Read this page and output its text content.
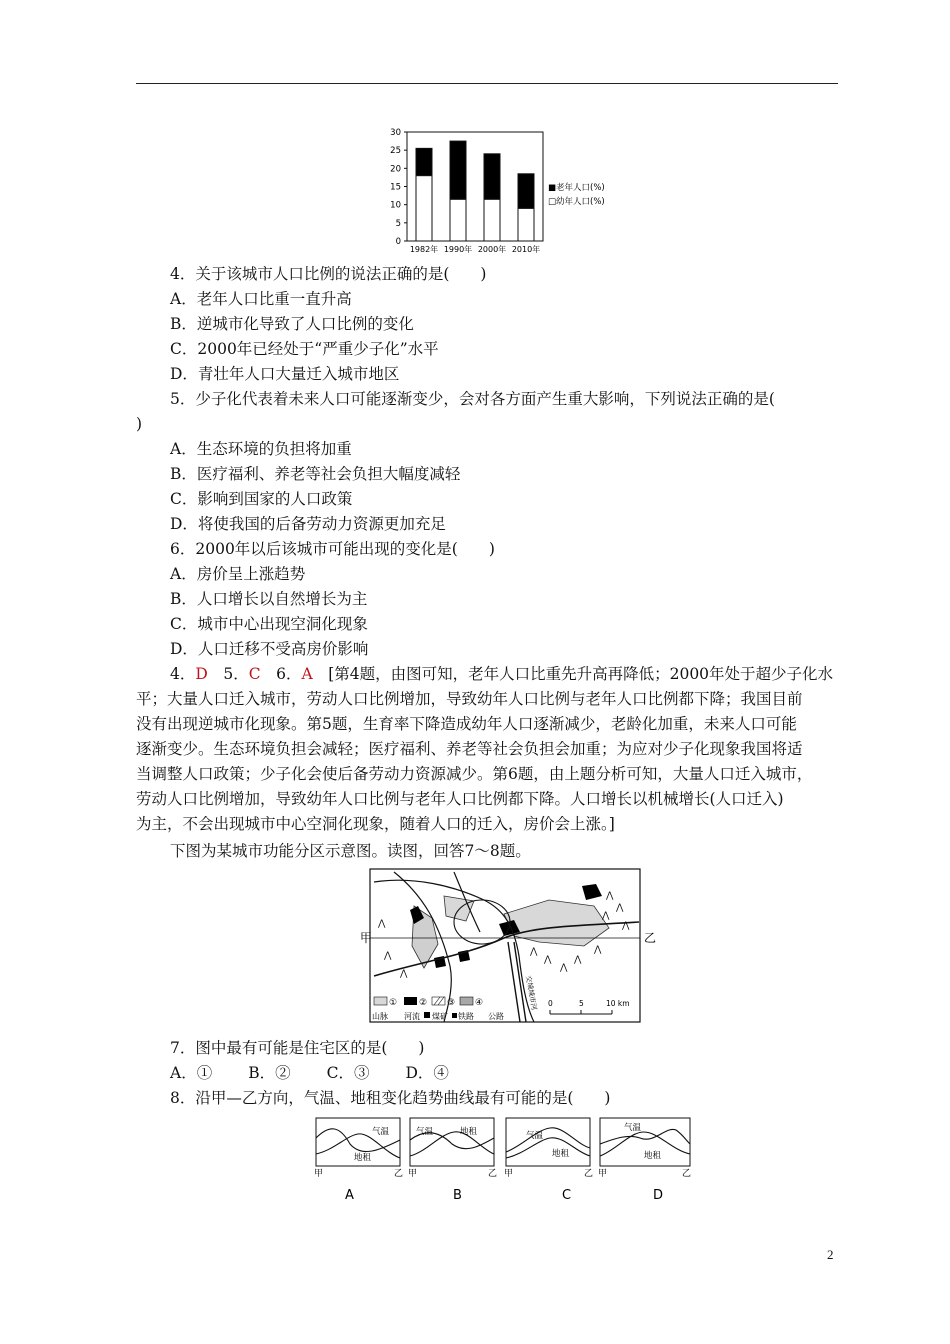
0
5
10
15
20
25
30
1982年 1990年 2000年 2010年
■老年人口(%)
□幼年人口(%)
4．关于该城市人口比例的说法正确的是(　　)
A．老年人口比重一直升高
B．逆城市化导致了人口比例的变化
C．2000年已经处于“严重少子化”水平
D．青壮年人口大量迁入城市地区
5．少子化代表着未来人口可能逐渐变少，会对各方面产生重大影响，下列说法正确的是(
)
A．生态环境的负担将加重
B．医疗福利、养老等社会负担大幅度减轻
C．影响到国家的人口政策
D．将使我国的后备劳动力资源更加充足
6．2000年以后该城市可能出现的变化是(　　)
A．房价呈上涨趋势
B．人口增长以自然增长为主
C．城市中心出现空洞化现象
D．人口迁移不受高房价影响
4．D　 5．C　 6．A　 [第4题，由图可知，老年人口比重先升高再降低；2000年处于超少子化水
平；大量人口迁入城市，劳动人口比例增加，导致幼年人口比例与老年人口比例都下降；我国目前
没有出现逆城市化现象。第5题，生育率下降造成幼年人口逐渐减少，老龄化加重，未来人口可能
逐渐变少。生态环境负担会减轻；医疗福利、养老等社会负担会加重；为应对少子化现象我国将适
当调整人口政策；少子化会使后备劳动力资源减少。第6题，由上题分析可知，大量人口迁入城市，
劳动人口比例增加，导致幼年人口比例与老年人口比例都下降。人口增长以机械增长(人口迁入)
为主，不会出现城市中心空洞化现象，随着人口的迁入，房价会上涨。]
下图为某城市功能分区示意图。读图，回答7～8题。
甲	乙
⋀
⋀
⋀
⋀
⋀
⋀
⋀
⋀
⋀
⋀
⋀
⋀
交城城市河
① ② ③ ④
山脉 河流 煤矿 铁路 公路
0	5	10 km
7．图中最有可能是住宅区的是(　　)
A．① B．② C．③ D．④
8．沿甲—乙方向，气温、地租变化趋势曲线最有可能的是(　　)
气温
地租
甲	乙
A
气温	地租
甲	乙
B
气温
地租
甲	乙
C
气温
地租
甲	乙
D
2
